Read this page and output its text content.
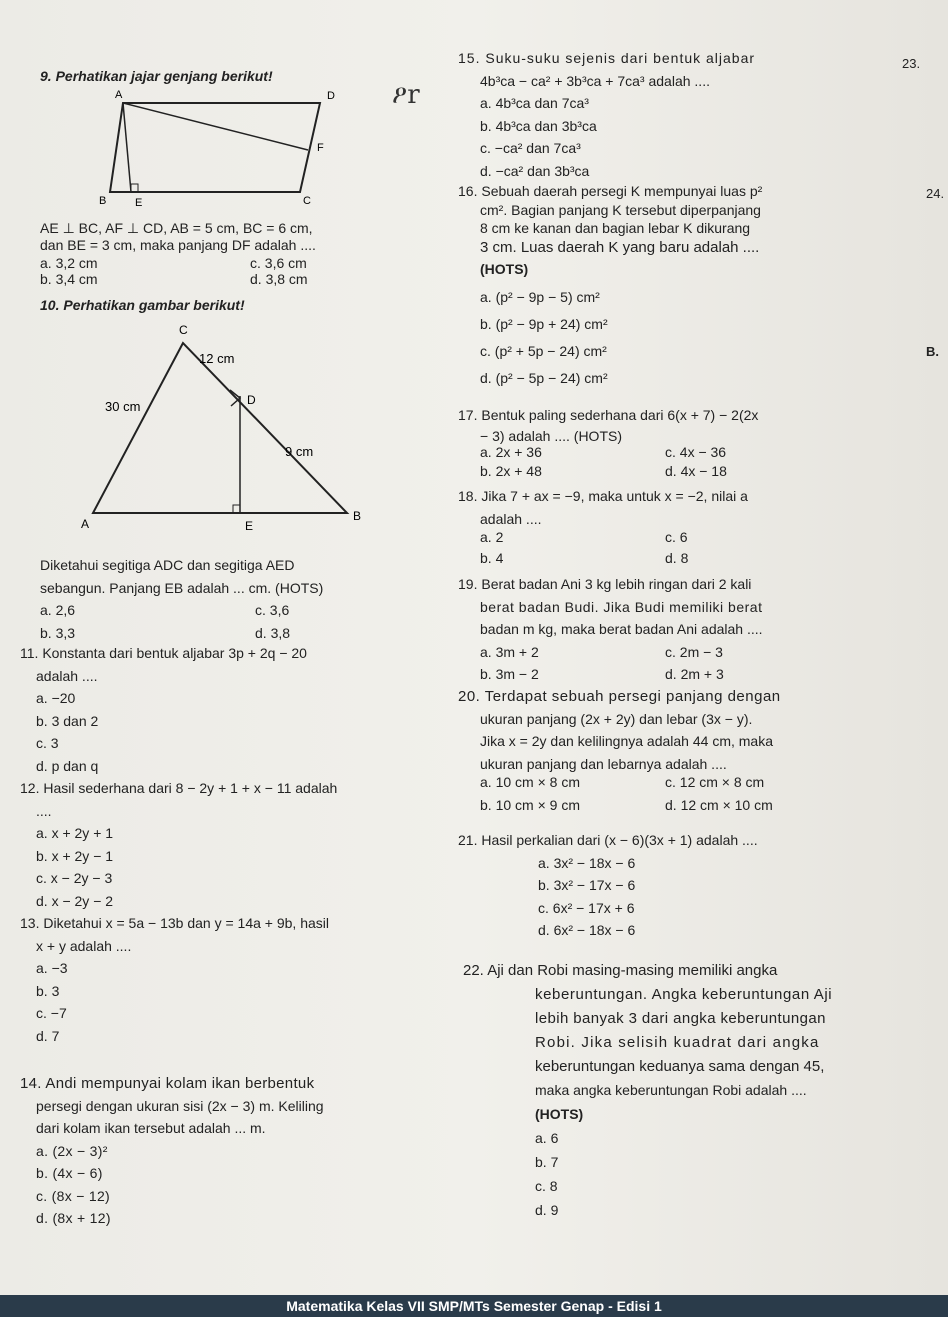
9. Perhatikan jajar genjang berikut!
A	D
F
B	E	C
AE ⊥ BC, AF ⊥ CD, AB = 5 cm, BC = 6 cm,
dan BE = 3 cm, maka panjang DF adalah ....
a. 3,2 cm	c. 3,6 cm
b. 3,4 cm	d. 3,8 cm
10. Perhatikan gambar berikut!
C
12 cm
30 cm	D
9 cm
A	E
B
Diketahui segitiga ADC dan segitiga AED
sebangun. Panjang EB adalah ... cm. (HOTS)
a. 2,6	c. 3,6
b. 3,3	d. 3,8
11. Konstanta dari bentuk aljabar 3p + 2q − 20
adalah ....
a. −20
b. 3 dan 2
c. 3
d. p dan q
12. Hasil sederhana dari 8 − 2y + 1 + x − 11 adalah
....
a. x + 2y + 1
b. x + 2y − 1
c. x − 2y − 3
d. x − 2y − 2
13. Diketahui x = 5a − 13b dan y = 14a + 9b, hasil
x + y adalah ....
a. −3
b. 3
c. −7
d. 7
14. Andi mempunyai kolam ikan berbentuk
persegi dengan ukuran sisi (2x − 3) m. Keliling
dari kolam ikan tersebut adalah ... m.
a. (2x − 3)²
b. (4x − 6)
c. (8x − 12)
d. (8x + 12)
15. Suku-suku sejenis dari bentuk aljabar
4b³ca − ca² + 3b³ca + 7ca³ adalah ....
a. 4b³ca dan 7ca³
b. 4b³ca dan 3b³ca
c. −ca² dan 7ca³
d. −ca² dan 3b³ca
16. Sebuah daerah persegi K mempunyai luas p²
cm². Bagian panjang K tersebut diperpanjang
8 cm ke kanan dan bagian lebar K dikurang
3 cm. Luas daerah K yang baru adalah ....
(HOTS)
a. (p² − 9p − 5) cm²
b. (p² − 9p + 24) cm²
c. (p² + 5p − 24) cm²
d. (p² − 5p − 24) cm²
17. Bentuk paling sederhana dari 6(x + 7) − 2(2x
− 3) adalah .... (HOTS)
a. 2x + 36	c. 4x − 36
b. 2x + 48	d. 4x − 18
18. Jika 7 + ax = −9, maka untuk x = −2, nilai a
adalah ....
a. 2	c. 6
b. 4	d. 8
19. Berat badan Ani 3 kg lebih ringan dari 2 kali
berat badan Budi. Jika Budi memiliki berat
badan m kg, maka berat badan Ani adalah ....
a. 3m + 2	c. 2m − 3
b. 3m − 2	d. 2m + 3
20. Terdapat sebuah persegi panjang dengan
ukuran panjang (2x + 2y) dan lebar (3x − y).
Jika x = 2y dan kelilingnya adalah 44 cm, maka
ukuran panjang dan lebarnya adalah ....
a. 10 cm × 8 cm	c. 12 cm × 8 cm
b. 10 cm × 9 cm	d. 12 cm × 10 cm
21. Hasil perkalian dari (x − 6)(3x + 1) adalah ....
a. 3x² − 18x − 6
b. 3x² − 17x − 6
c. 6x² − 17x + 6
d. 6x² − 18x − 6
22. Aji dan Robi masing-masing memiliki angka
keberuntungan. Angka keberuntungan Aji
lebih banyak 3 dari angka keberuntungan
Robi. Jika selisih kuadrat dari angka
keberuntungan keduanya sama dengan 45,
maka angka keberuntungan Robi adalah ....
(HOTS)
a. 6
b. 7
c. 8
d. 9
ዖr
23.
24.
B.
Matematika Kelas VII SMP/MTs Semester Genap - Edisi 1
